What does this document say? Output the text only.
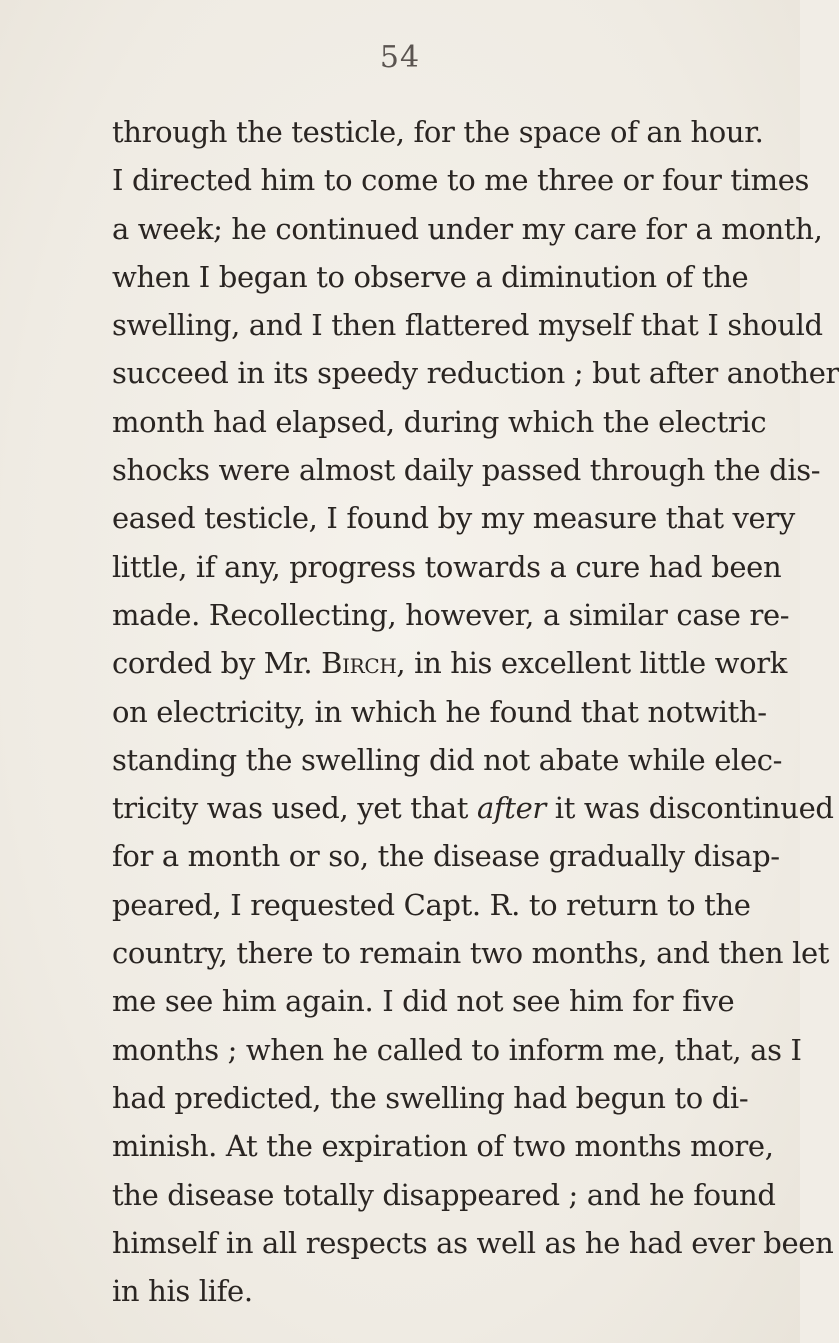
54
through the testicle, for the space of an hour.
I directed him to come to me three or four times
a week; he continued under my care for a month,
when I began to observe a diminution of the
swelling, and I then flattered myself that I should
succeed in its speedy reduction ; but after another
month had elapsed, during which the electric
shocks were almost daily passed through the dis-
eased testicle, I found by my measure that very
little, if any, progress towards a cure had been
made. Recollecting, however, a similar case re-
corded by Mr. Birch, in his excellent little work
on electricity, in which he found that notwith-
standing the swelling did not abate while elec-
tricity was used, yet that after it was discontinued
for a month or so, the disease gradually disap-
peared, I requested Capt. R. to return to the
country, there to remain two months, and then let
me see him again. I did not see him for five
months ; when he called to inform me, that, as I
had predicted, the swelling had begun to di-
minish. At the expiration of two months more,
the disease totally disappeared ; and he found
himself in all respects as well as he had ever been
in his life.
